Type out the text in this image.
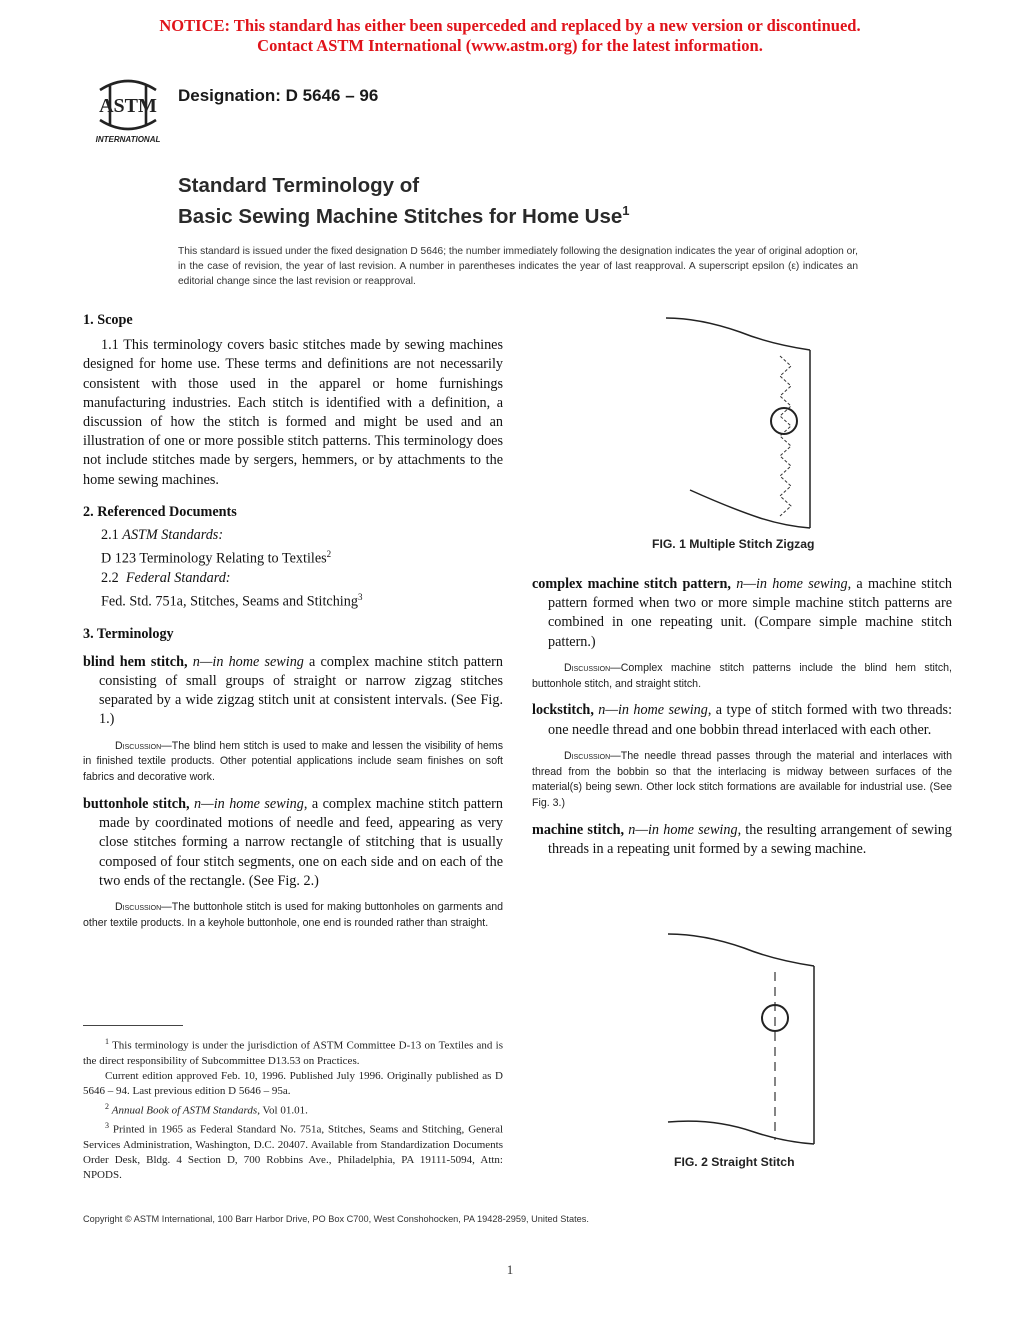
NOTICE: This standard has either been superceded and replaced by a new version or discontinued.
Contact ASTM International (www.astm.org) for the latest information.
ASTM
INTERNATIONAL
Designation: D 5646 – 96
Standard Terminology of
Basic Sewing Machine Stitches for Home Use$^1$
This standard is issued under the fixed designation D 5646; the number immediately following the designation indicates the year of original adoption or, in the case of revision, the year of last revision. A number in parentheses indicates the year of last reapproval. A superscript epsilon (ε) indicates an editorial change since the last revision or reapproval.
1. Scope

1.1 This terminology covers basic stitches made by sewing machines designed for home use. These terms and definitions are not necessarily consistent with those used in the apparel or home furnishings manufacturing industries. Each stitch is identified with a definition, a discussion of how the stitch is formed and might be used and an illustration of one or more possible stitch patterns. This terminology does not include stitches made by sergers, hemmers, or by attachments to the home sewing machines.

2. Referenced Documents

2.1 ASTM Standards:

D 123 Terminology Relating to Textiles$^2$

2.2 Federal Standard:

Fed. Std. 751a, Stitches, Seams and Stitching$^3$

3. Terminology

blind hem stitch, n—in home sewing a complex machine stitch pattern consisting of small groups of straight or narrow zigzag stitches separated by a wide zigzag stitch unit at consistent intervals. (See Fig. 1.)

Discussion—The blind hem stitch is used to make and lessen the visibility of hems in finished textile products. Other potential applications include seam finishes on soft fabrics and decorative work.

buttonhole stitch, n—in home sewing, a complex machine stitch pattern made by coordinated motions of needle and feed, appearing as very close stitches forming a narrow rectangle of stitching that is usually composed of four stitch segments, one on each side and on each of the two ends of the rectangle. (See Fig. 2.)

Discussion—The buttonhole stitch is used for making buttonholes on garments and other textile products. In a keyhole buttonhole, one end is rounded rather than straight.

$^1$ This terminology is under the jurisdiction of ASTM Committee D-13 on Textiles and is the direct responsibility of Subcommittee D13.53 on Practices.

Current edition approved Feb. 10, 1996. Published July 1996. Originally published as D 5646 – 94. Last previous edition D 5646 – 95a.

$^2$ Annual Book of ASTM Standards, Vol 01.01.

$^3$ Printed in 1965 as Federal Standard No. 751a, Stitches, Seams and Stitching, General Services Administration, Washington, D.C. 20407. Available from Standardization Documents Order Desk, Bldg. 4 Section D, 700 Robbins Ave., Philadelphia, PA 19111-5094, Attn: NPODS.

FIG. 1 Multiple Stitch Zigzag

complex machine stitch pattern, n—in home sewing, a machine stitch pattern formed when two or more simple machine stitch patterns are combined in one repeating unit. (Compare simple machine stitch pattern.)

Discussion—Complex machine stitch patterns include the blind hem stitch, buttonhole stitch, and straight stitch.

lockstitch, n—in home sewing, a type of stitch formed with two threads: one needle thread and one bobbin thread interlaced with each other.

Discussion—The needle thread passes through the material and interlaces with thread from the bobbin so that the interlacing is midway between surfaces of the material(s) being sewn. Other lock stitch formations are available for industrial use. (See Fig. 3.)

machine stitch, n—in home sewing, the resulting arrangement of sewing threads in a repeating unit formed by a sewing machine.

FIG. 2 Straight Stitch
Copyright © ASTM International, 100 Barr Harbor Drive, PO Box C700, West Conshohocken, PA 19428-2959, United States.
1
